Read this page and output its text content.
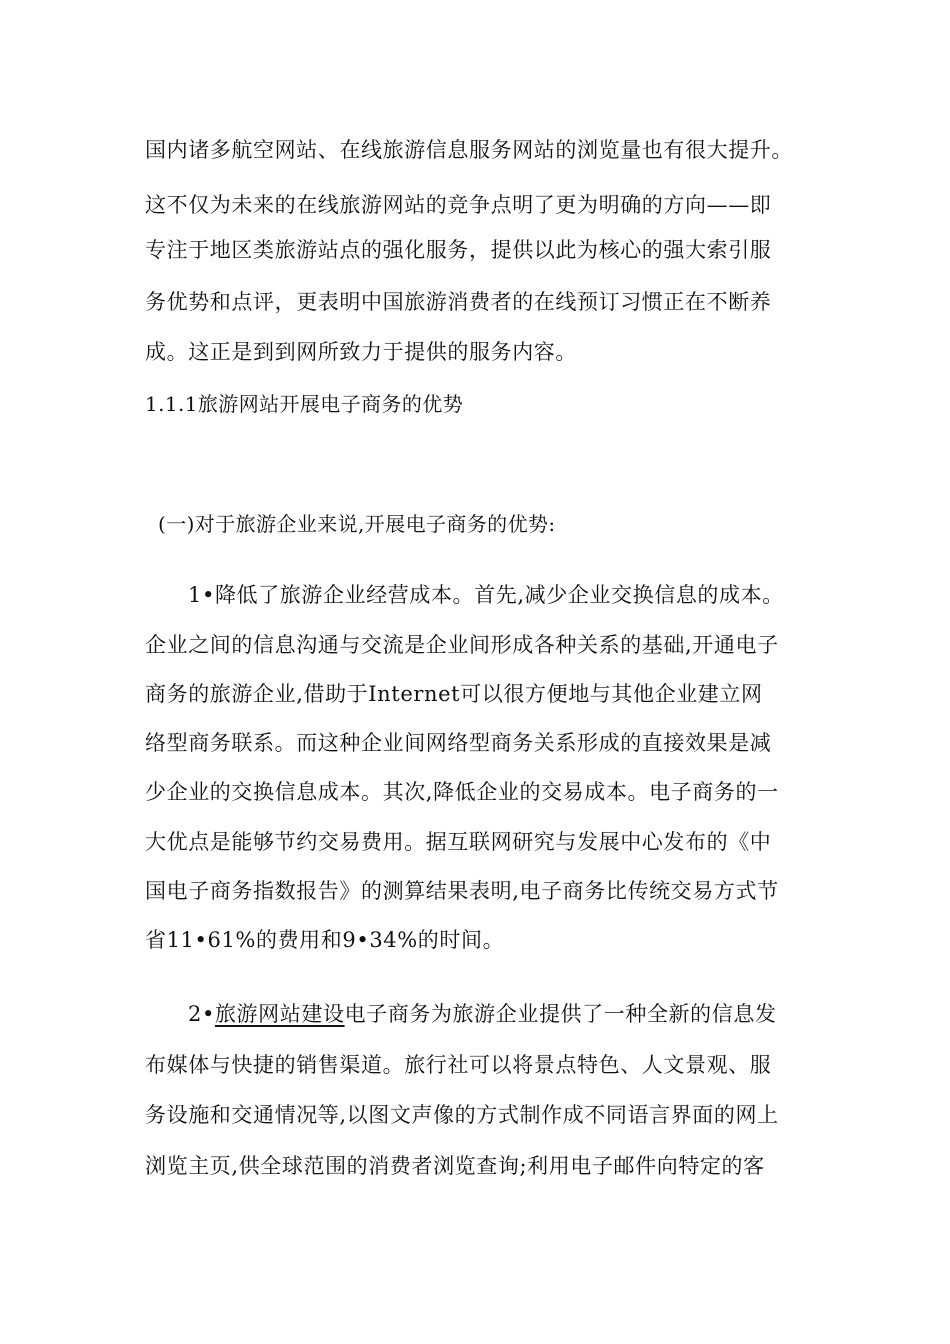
国内诸多航空网站、在线旅游信息服务网站的浏览量也有很大提升。
这不仅为未来的在线旅游网站的竞争点明了更为明确的方向——即
专注于地区类旅游站点的强化服务，提供以此为核心的强大索引服
务优势和点评，更表明中国旅游消费者的在线预订习惯正在不断养
成。这正是到到网所致力于提供的服务内容。
1.1.1旅游网站开展电子商务的优势
(一)对于旅游企业来说,开展电子商务的优势:
1•降低了旅游企业经营成本。首先,减少企业交换信息的成本。
企业之间的信息沟通与交流是企业间形成各种关系的基础,开通电子
商务的旅游企业,借助于Internet可以很方便地与其他企业建立网
络型商务联系。而这种企业间网络型商务关系形成的直接效果是减
少企业的交换信息成本。其次,降低企业的交易成本。电子商务的一
大优点是能够节约交易费用。据互联网研究与发展中心发布的《中
国电子商务指数报告》的测算结果表明,电子商务比传统交易方式节
省11•61%的费用和9•34%的时间。
2•旅游网站建设电子商务为旅游企业提供了一种全新的信息发
布媒体与快捷的销售渠道。旅行社可以将景点特色、人文景观、服
务设施和交通情况等,以图文声像的方式制作成不同语言界面的网上
浏览主页,供全球范围的消费者浏览查询;利用电子邮件向特定的客
